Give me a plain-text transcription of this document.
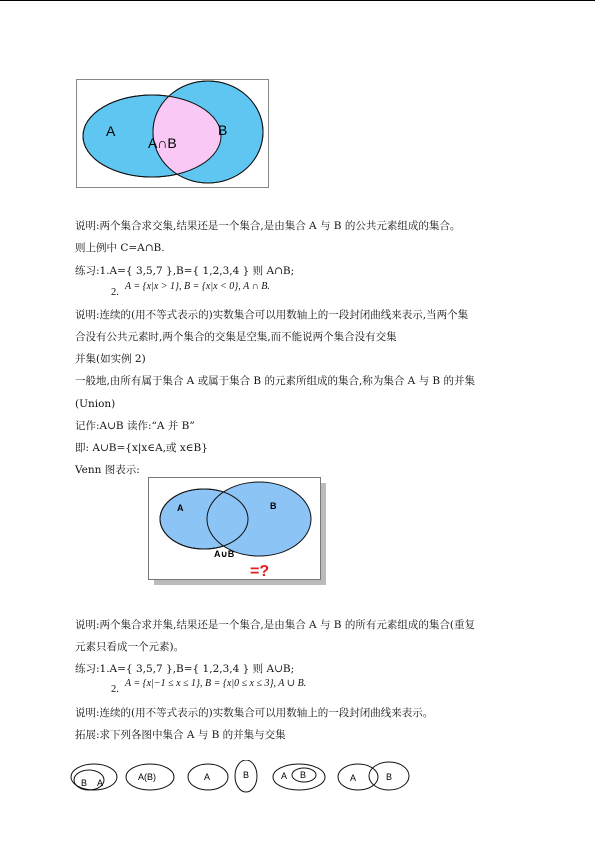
A	B
A∩B
说明:两个集合求交集,结果还是一个集合,是由集合 A 与 B 的公共元素组成的集合。
则上例中 C=A∩B.
练习:1.A={ 3,5,7 },B={ 1,2,3,4 } 则 A∩B;
2.
A = {x|x > 1}, B = {x|x < 0}, A ∩ B.
说明:连续的(用不等式表示的)实数集合可以用数轴上的一段封闭曲线来表示,当两个集
合没有公共元素时,两个集合的交集是空集,而不能说两个集合没有交集
并集(如实例 2)
一般地,由所有属于集合 A 或属于集合 B 的元素所组成的集合,称为集合 A 与 B 的并集
(Union)
记作:A∪B 读作:“A 并 B”
即: A∪B={x|x∈A,或 x∈B}
Venn 图表示:
A	B
A∪B
=?
说明:两个集合求并集,结果还是一个集合,是由集合 A 与 B 的所有元素组成的集合(重复
元素只看成一个元素)。
练习:1.A={ 3,5,7 },B={ 1,2,3,4 } 则 A∪B;
2.
A = {x|−1 ≤ x ≤ 1}, B = {x|0 ≤ x ≤ 3}, A ∪ B.
说明:连续的(用不等式表示的)实数集合可以用数轴上的一段封闭曲线来表示。
拓展:求下列各图中集合 A 与 B 的并集与交集
B A
A(B)	A	B	A B	A	B
